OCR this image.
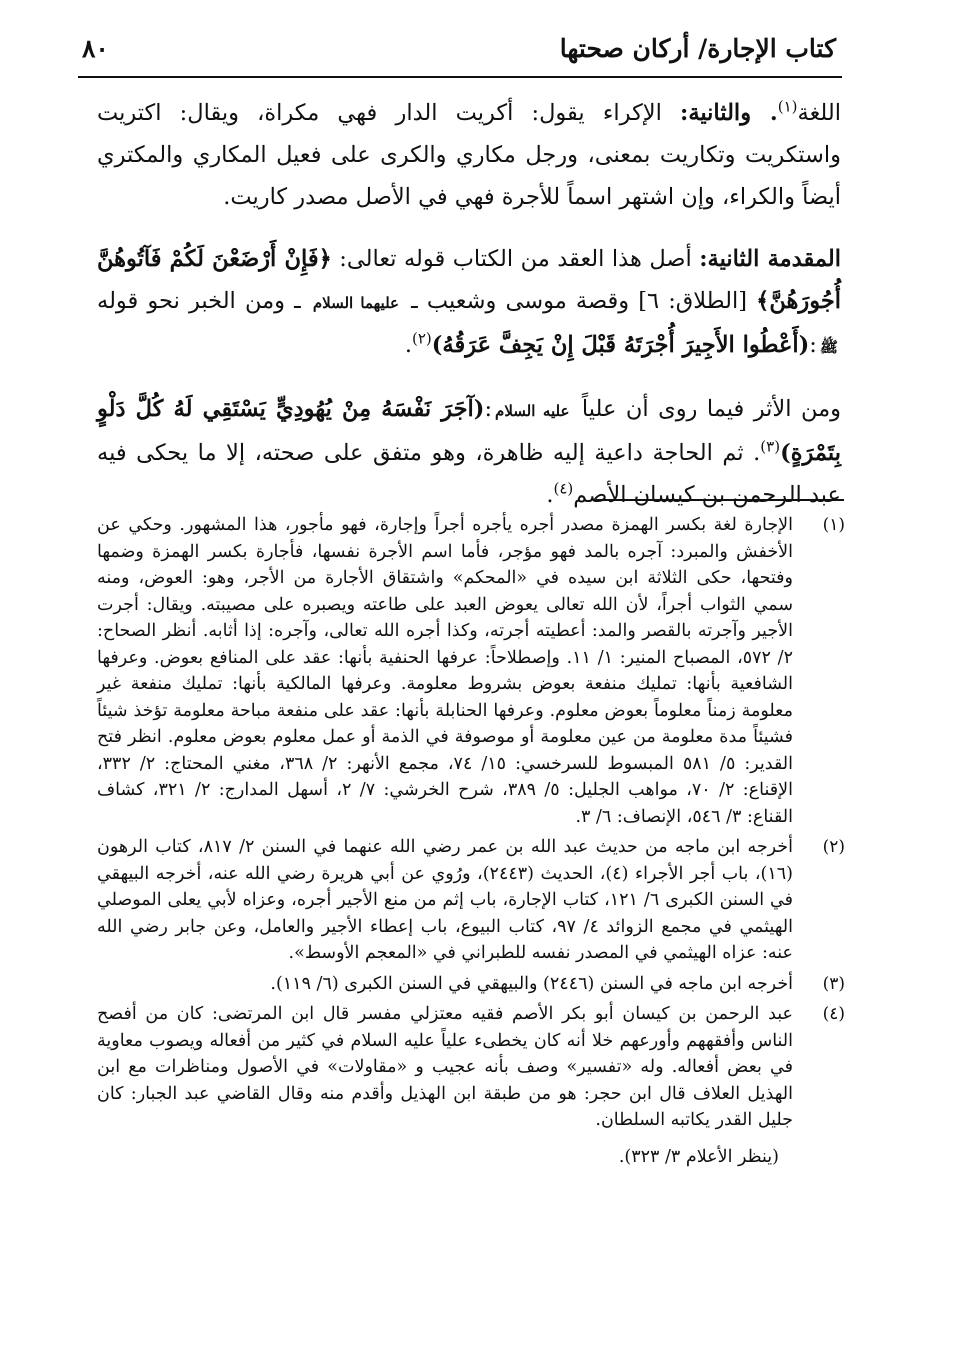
كتاب الإجارة/ أركان صحتها
٨٠

اللغة$^{(١)}$. والثانية: الإكراء يقول: أكريت الدار فهي مكراة، ويقال: اكتريت واستكريت وتكاريت بمعنى، ورجل مكاري والكرى على فعيل المكاري والمكتري أيضاً والكراء، وإن اشتهر اسماً للأجرة فهي في الأصل مصدر كاريت.

المقدمة الثانية: أصل هذا العقد من الكتاب قوله تعالى: ﴿فَإِنْ أَرْضَعْنَ لَكُمْ فَآتُوهُنَّ أُجُورَهُنَّ﴾ [الطلاق: ٦] وقصة موسى وشعيب ـ عليهما السلام ـ ومن الخبر نحو قوله ﷺ:(أَعْطُوا الأَجِيرَ أُجْرَتَهُ قَبْلَ إِنْ يَجِفَّ عَرَقُهُ)$^{(٢)}$.

ومن الأثر فيما روى أن علياً عليه السلام:(آجَرَ نَفْسَهُ مِنْ يُهُودِيٍّ يَسْتَقِي لَهُ كُلَّ دَلْوٍ بِتَمْرَةٍ)$^{(٣)}$. ثم الحاجة داعية إليه ظاهرة، وهو متفق على صحته، إلا ما يحكى فيه عبد الرحمن بن كيسان الأصم$^{(٤)}$.

(١)
الإجارة لغة بكسر الهمزة مصدر أجره يأجره أجراً وإجارة، فهو مأجور، هذا المشهور. وحكي عن الأخفش والمبرد: آجره بالمد فهو مؤجر، فأما اسم الأجرة نفسها، فأجارة بكسر الهمزة وضمها وفتحها، حكى الثلاثة ابن سيده في «المحكم» واشتقاق الأجارة من الأجر، وهو: العوض، ومنه سمي الثواب أجراً، لأن الله تعالى يعوض العبد على طاعته ويصبره على مصيبته. ويقال: أجرت الأجير وآجرته بالقصر والمد: أعطيته أجرته، وكذا أجره الله تعالى، وآجره: إذا أثابه. أنظر الصحاح: ٢/ ٥٧٢، المصباح المنير: ١/ ١١. وإصطلاحاً: عرفها الحنفية بأنها: عقد على المنافع بعوض. وعرفها الشافعية بأنها: تمليك منفعة بعوض بشروط معلومة. وعرفها المالكية بأنها: تمليك منفعة غير معلومة زمناً معلوماً بعوض معلوم. وعرفها الحنابلة بأنها: عقد على منفعة مباحة معلومة تؤخذ شيئاً فشيئاً مدة معلومة من عين معلومة أو موصوفة في الذمة أو عمل معلوم بعوض معلوم. انظر فتح القدير: ٥/ ٥٨١ المبسوط للسرخسي: ١٥/ ٧٤، مجمع الأنهر: ٢/ ٣٦٨، مغني المحتاج: ٢/ ٣٣٢، الإقناع: ٢/ ٧٠، مواهب الجليل: ٥/ ٣٨٩، شرح الخرشي: ٧/ ٢، أسهل المدارج: ٢/ ٣٢١، كشاف القناع: ٣/ ٥٤٦، الإنصاف: ٦/ ٣.
(٢)
أخرجه ابن ماجه من حديث عبد الله بن عمر رضي الله عنهما في السنن ٢/ ٨١٧، كتاب الرهون (١٦)، باب أجر الأجراء (٤)، الحديث (٢٤٤٣)، ورُوي عن أبي هريرة رضي الله عنه، أخرجه البيهقي في السنن الكبرى ٦/ ١٢١، كتاب الإجارة، باب إثم من منع الأجير أجره، وعزاه لأبي يعلى الموصلي الهيثمي في مجمع الزوائد ٤/ ٩٧، كتاب البيوع، باب إعطاء الأجير والعامل، وعن جابر رضي الله عنه: عزاه الهيثمي في المصدر نفسه للطبراني في «المعجم الأوسط».
(٣)
أخرجه ابن ماجه في السنن (٢٤٤٦) والبيهقي في السنن الكبرى (٦/ ١١٩).
(٤)
عبد الرحمن بن كيسان أبو بكر الأصم فقيه معتزلي مفسر قال ابن المرتضى: كان من أفصح الناس وأفقههم وأورعهم خلا أنه كان يخطىء علياً عليه السلام في كثير من أفعاله ويصوب معاوية في بعض أفعاله. وله «تفسير» وصف بأنه عجيب و «مقاولات» في الأصول ومناظرات مع ابن الهذيل العلاف قال ابن حجر: هو من طبقة ابن الهذيل وأقدم منه وقال القاضي عبد الجبار: كان جليل القدر يكاتبه السلطان.
(ينظر الأعلام ٣/ ٣٢٣).
